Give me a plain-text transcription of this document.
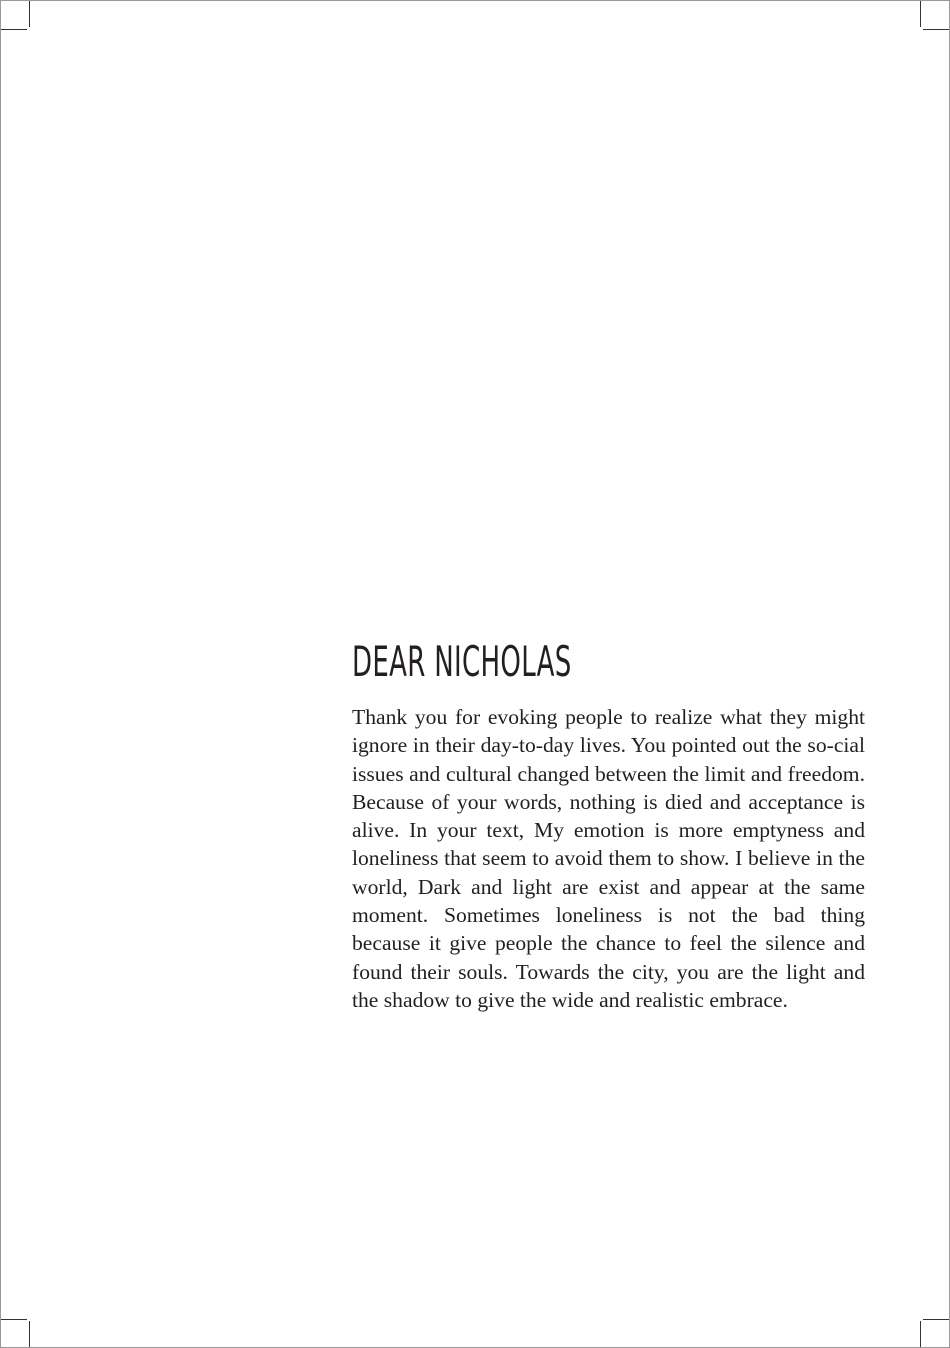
DEAR NICHOLAS

Thank you for evoking people to realize what they might ignore in their day-to-day lives. You pointed out the so-cial issues and cultural changed between the limit and freedom. Because of your words, nothing is died and acceptance is alive. In your text, My emotion is more emptyness and loneliness that seem to avoid them to show. I believe in the world, Dark and light are exist and appear at the same moment. Sometimes loneliness is not the bad thing because it give people the chance to feel the silence and found their souls. Towards the city, you are the light and the shadow to give the wide and realistic embrace.
